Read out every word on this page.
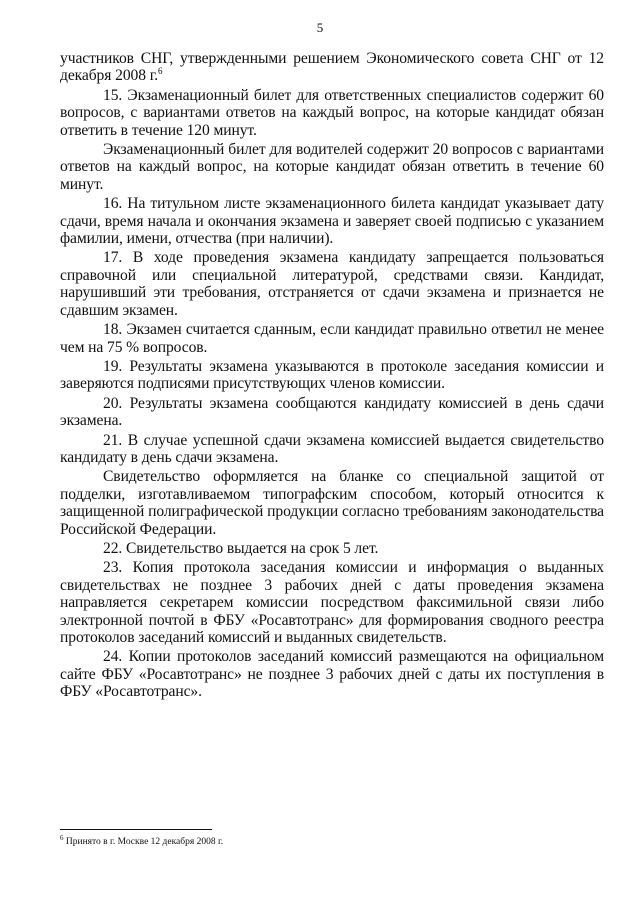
5

участников СНГ, утвержденными решением Экономического совета СНГ от 12 декабря 2008 г.$^6$

15. Экзаменационный билет для ответственных специалистов содержит 60 вопросов, с вариантами ответов на каждый вопрос, на которые кандидат обязан ответить в течение 120 минут.

Экзаменационный билет для водителей содержит 20 вопросов с вариантами ответов на каждый вопрос, на которые кандидат обязан ответить в течение 60 минут.

16. На титульном листе экзаменационного билета кандидат указывает дату сдачи, время начала и окончания экзамена и заверяет своей подписью с указанием фамилии, имени, отчества (при наличии).

17. В ходе проведения экзамена кандидату запрещается пользоваться справочной или специальной литературой, средствами связи. Кандидат, нарушивший эти требования, отстраняется от сдачи экзамена и признается не сдавшим экзамен.

18. Экзамен считается сданным, если кандидат правильно ответил не менее чем на 75 % вопросов.

19. Результаты экзамена указываются в протоколе заседания комиссии и заверяются подписями присутствующих членов комиссии.

20. Результаты экзамена сообщаются кандидату комиссией в день сдачи экзамена.

21. В случае успешной сдачи экзамена комиссией выдается свидетельство кандидату в день сдачи экзамена.

Свидетельство оформляется на бланке со специальной защитой от подделки, изготавливаемом типографским способом, который относится к защищенной полиграфической продукции согласно требованиям законодательства Российской Федерации.

22. Свидетельство выдается на срок 5 лет.

23. Копия протокола заседания комиссии и информация о выданных свидетельствах не позднее 3 рабочих дней с даты проведения экзамена направляется секретарем комиссии посредством факсимильной связи либо электронной почтой в ФБУ «Росавтотранс» для формирования сводного реестра протоколов заседаний комиссий и выданных свидетельств.

24. Копии протоколов заседаний комиссий размещаются на официальном сайте ФБУ «Росавтотранс» не позднее 3 рабочих дней с даты их поступления в ФБУ «Росавтотранс».

$^6$ Принято в г. Москве 12 декабря 2008 г.
